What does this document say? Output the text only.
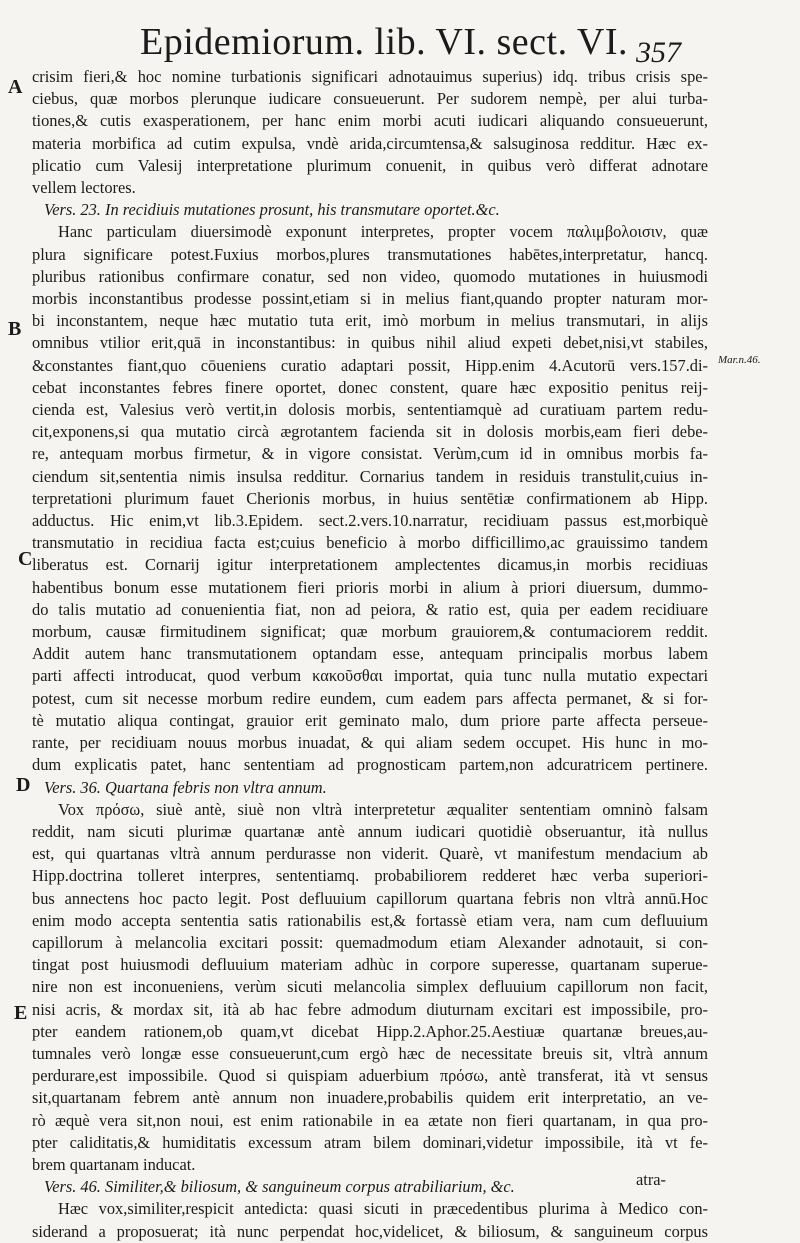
Epidemiorum. lib. VI. sect. VI. 357
A
B
C
D
E
Mar.n.46.
crisim fieri,& hoc nomine turbationis significari adnotauimus superius) idq. tribus crisis spe-
ciebus, quæ morbos plerunque iudicare consueuerunt. Per sudorem nempè, per alui turba-
tiones,& cutis exasperationem, per hanc enim morbi acuti iudicari aliquando consueuerunt,
materia morbifica ad cutim expulsa, vndè arida,circumtensa,& salsuginosa redditur. Hæc ex-
plicatio cum Valesij interpretatione plurimum conuenit, in quibus verò differat adnotare
vellem lectores.
Vers. 23. In recidiuis mutationes prosunt, his transmutare oportet.&c.
Hanc particulam diuersimodè exponunt interpretes, propter vocem παλιμβολοισιν, quæ
plura significare potest.Fuxius morbos,plures transmutationes habētes,interpretatur, hancq.
pluribus rationibus confirmare conatur, sed non video, quomodo mutationes in huiusmodi
morbis inconstantibus prodesse possint,etiam si in melius fiant,quando propter naturam mor-
bi inconstantem, neque hæc mutatio tuta erit, imò morbum in melius transmutari, in alijs
omnibus vtilior erit,quā in inconstantibus: in quibus nihil aliud expeti debet,nisi,vt stabiles,
&constantes fiant,quo cōueniens curatio adaptari possit, Hipp.enim 4.Acutorū vers.157.di-
cebat inconstantes febres finere oportet, donec constent, quare hæc expositio penitus reij-
cienda est, Valesius verò vertit,in dolosis morbis, sententiamquè ad curatiuam partem redu-
cit,exponens,si qua mutatio circà ægrotantem facienda sit in dolosis morbis,eam fieri debe-
re, antequam morbus firmetur, & in vigore consistat. Verùm,cum id in omnibus morbis fa-
ciendum sit,sententia nimis insulsa redditur. Cornarius tandem in residuis transtulit,cuius in-
terpretationi plurimum fauet Cherionis morbus, in huius sentētiæ confirmationem ab Hipp.
adductus. Hic enim,vt lib.3.Epidem. sect.2.vers.10.narratur, recidiuam passus est,morbiquè
transmutatio in recidiua facta est;cuius beneficio à morbo difficillimo,ac grauissimo tandem
liberatus est. Cornarij igitur interpretationem amplectentes dicamus,in morbis recidiuas
habentibus bonum esse mutationem fieri prioris morbi in alium à priori diuersum, dummo-
do talis mutatio ad conuenientia fiat, non ad peiora, & ratio est, quia per eadem recidiuare
morbum, causæ firmitudinem significat; quæ morbum grauiorem,& contumaciorem reddit.
Addit autem hanc transmutationem optandam esse, antequam principalis morbus labem
parti affecti introducat, quod verbum κακοῦσθαι importat, quia tunc nulla mutatio expectari
potest, cum sit necesse morbum redire eundem, cum eadem pars affecta permanet, & si for-
tè mutatio aliqua contingat, grauior erit geminato malo, dum priore parte affecta perseue-
rante, per recidiuam nouus morbus inuadat, & qui aliam sedem occupet. His hunc in mo-
dum explicatis patet, hanc sententiam ad prognosticam partem,non adcuratricem pertinere.
Vers. 36. Quartana febris non vltra annum.
Vox πρόσω, siuè antè, siuè non vltrà interpretetur æqualiter sententiam omninò falsam
reddit, nam sicuti plurimæ quartanæ antè annum iudicari quotidiè obseruantur, ità nullus
est, qui quartanas vltrà annum perdurasse non viderit. Quarè, vt manifestum mendacium ab
Hipp.doctrina tolleret interpres, sententiamq. probabiliorem redderet hæc verba superiori-
bus annectens hoc pacto legit. Post defluuium capillorum quartana febris non vltrà annū.Hoc
enim modo accepta sententia satis rationabilis est,& fortassè etiam vera, nam cum defluuium
capillorum à melancolia excitari possit: quemadmodum etiam Alexander adnotauit, si con-
tingat post huiusmodi defluuium materiam adhùc in corpore superesse, quartanam superue-
nire non est inconueniens, verùm sicuti melancolia simplex defluuium capillorum non facit,
nisi acris, & mordax sit, ità ab hac febre admodum diuturnam excitari est impossibile, pro-
pter eandem rationem,ob quam,vt dicebat Hipp.2.Aphor.25.Aestiuæ quartanæ breues,au-
tumnales verò longæ esse consueuerunt,cum ergò hæc de necessitate breuis sit, vltrà annum
perdurare,est impossibile. Quod si quispiam aduerbium πρόσω, antè transferat, ità vt sensus
sit,quartanam febrem antè annum non inuadere,probabilis quidem erit interpretatio, an ve-
rò æquè vera sit,non noui, est enim rationabile in ea ætate non fieri quartanam, in qua pro-
pter caliditatis,& humiditatis excessum atram bilem dominari,videtur impossibile, ità vt fe-
brem quartanam inducat.
Vers. 46. Similiter,& biliosum, & sanguineum corpus atrabiliarium, &c.
Hæc vox,similiter,respicit antedicta: quasi sicuti in præcedentibus plurima à Medico con-
siderand a proposuerat; ità nunc perpendat hoc,videlicet, & biliosum, & sanguineum corpus
atra-
